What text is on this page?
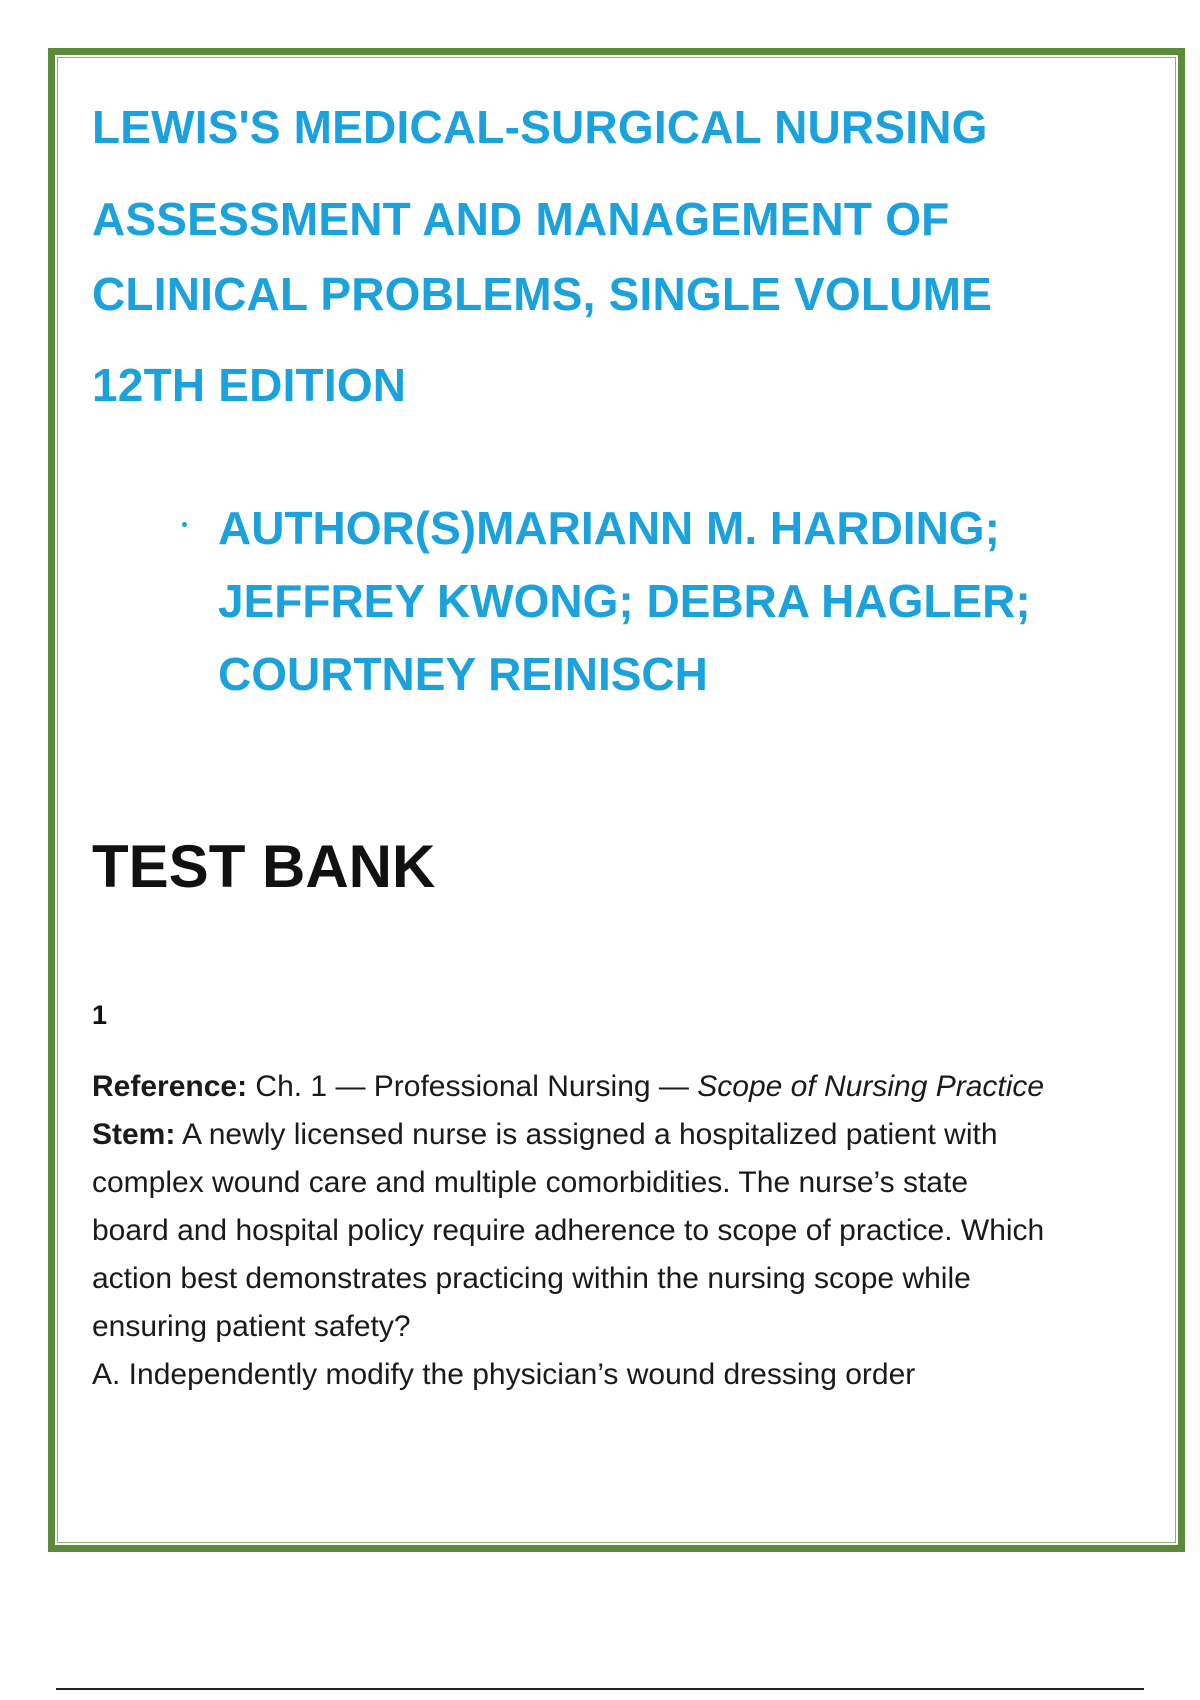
LEWIS'S MEDICAL-SURGICAL NURSING

ASSESSMENT AND MANAGEMENT OF

CLINICAL PROBLEMS, SINGLE VOLUME

12TH EDITION

AUTHOR(S)MARIANN M. HARDING;

JEFFREY KWONG; DEBRA HAGLER;

COURTNEY REINISCH

TEST BANK

1

Reference: Ch. 1 — Professional Nursing — Scope of Nursing Practice

Stem: A newly licensed nurse is assigned a hospitalized patient with complex wound care and multiple comorbidities. The nurse’s state board and hospital policy require adherence to scope of practice. Which action best demonstrates practicing within the nursing scope while ensuring patient safety?

A. Independently modify the physician’s wound dressing order
